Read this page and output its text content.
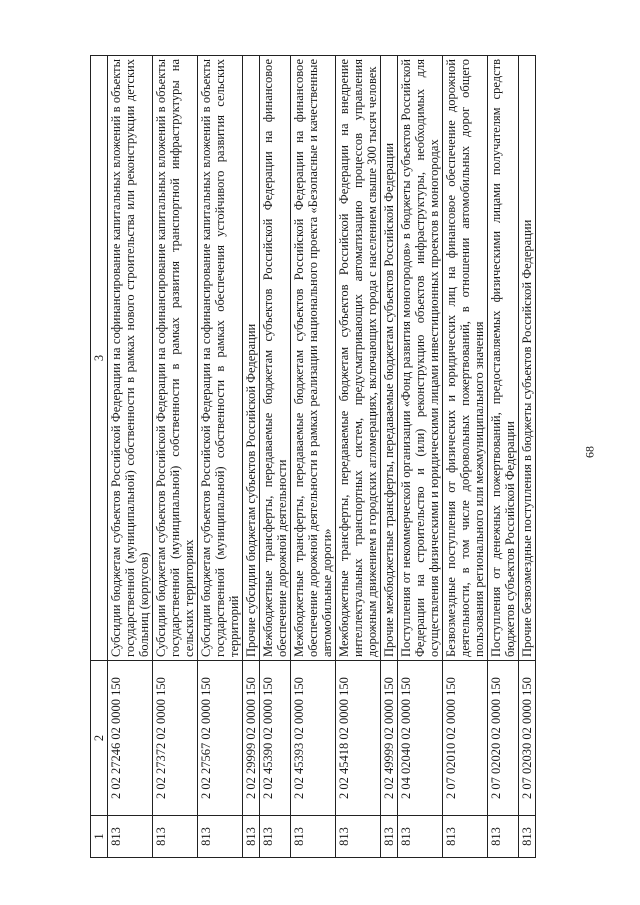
68
1	2	3
813	2 02 27246 02 0000 150	Субсидии бюджетам субъектов Российской Федерации на софинансирование капитальных вложений в объекты государственной (муниципальной) собственности в рамках нового строительства или реконструкции детских больниц (корпусов)
813	2 02 27372 02 0000 150	Субсидии бюджетам субъектов Российской Федерации на софинансирование капитальных вложений в объекты государственной (муниципальной) собственности в рамках развития транспортной инфраструктуры на сельских территориях
813	2 02 27567 02 0000 150	Субсидии бюджетам субъектов Российской Федерации на софинансирование капитальных вложений в объекты государственной (муниципальной) собственности в рамках обеспечения устойчивого развития сельских территорий
813	2 02 29999 02 0000 150	Прочие субсидии бюджетам субъектов Российской Федерации
813	2 02 45390 02 0000 150	Межбюджетные трансферты, передаваемые бюджетам субъектов Российской Федерации на финансовое обеспечение дорожной деятельности
813	2 02 45393 02 0000 150	Межбюджетные трансферты, передаваемые бюджетам субъектов Российской Федерации на финансовое обеспечение дорожной деятельности в рамках реализации национального проекта «Безопасные и качественные автомобильные дороги»
813	2 02 45418 02 0000 150	Межбюджетные трансферты, передаваемые бюджетам субъектов Российской Федерации на внедрение интеллектуальных транспортных систем, предусматривающих автоматизацию процессов управления дорожным движением в городских агломерациях, включающих города с населением свыше 300 тысяч человек
813	2 02 49999 02 0000 150	Прочие межбюджетные трансферты, передаваемые бюджетам субъектов Российской Федерации
813	2 04 02040 02 0000 150	Поступления от некоммерческой организации «Фонд развития моногородов» в бюджеты субъектов Российской Федерации на строительство и (или) реконструкцию объектов инфраструктуры, необходимых для осуществления физическими и юридическими лицами инвестиционных проектов в моногородах
813	2 07 02010 02 0000 150	Безвозмездные поступления от физических и юридических лиц на финансовое обеспечение дорожной деятельности, в том числе добровольных пожертвований, в отношении автомобильных дорог общего пользования регионального или межмуниципального значения
813	2 07 02020 02 0000 150	Поступления от денежных пожертвований, предоставляемых физическими лицами получателям средств бюджетов субъектов Российской Федерации
813	2 07 02030 02 0000 150	Прочие безвозмездные поступления в бюджеты субъектов Российской Федерации
